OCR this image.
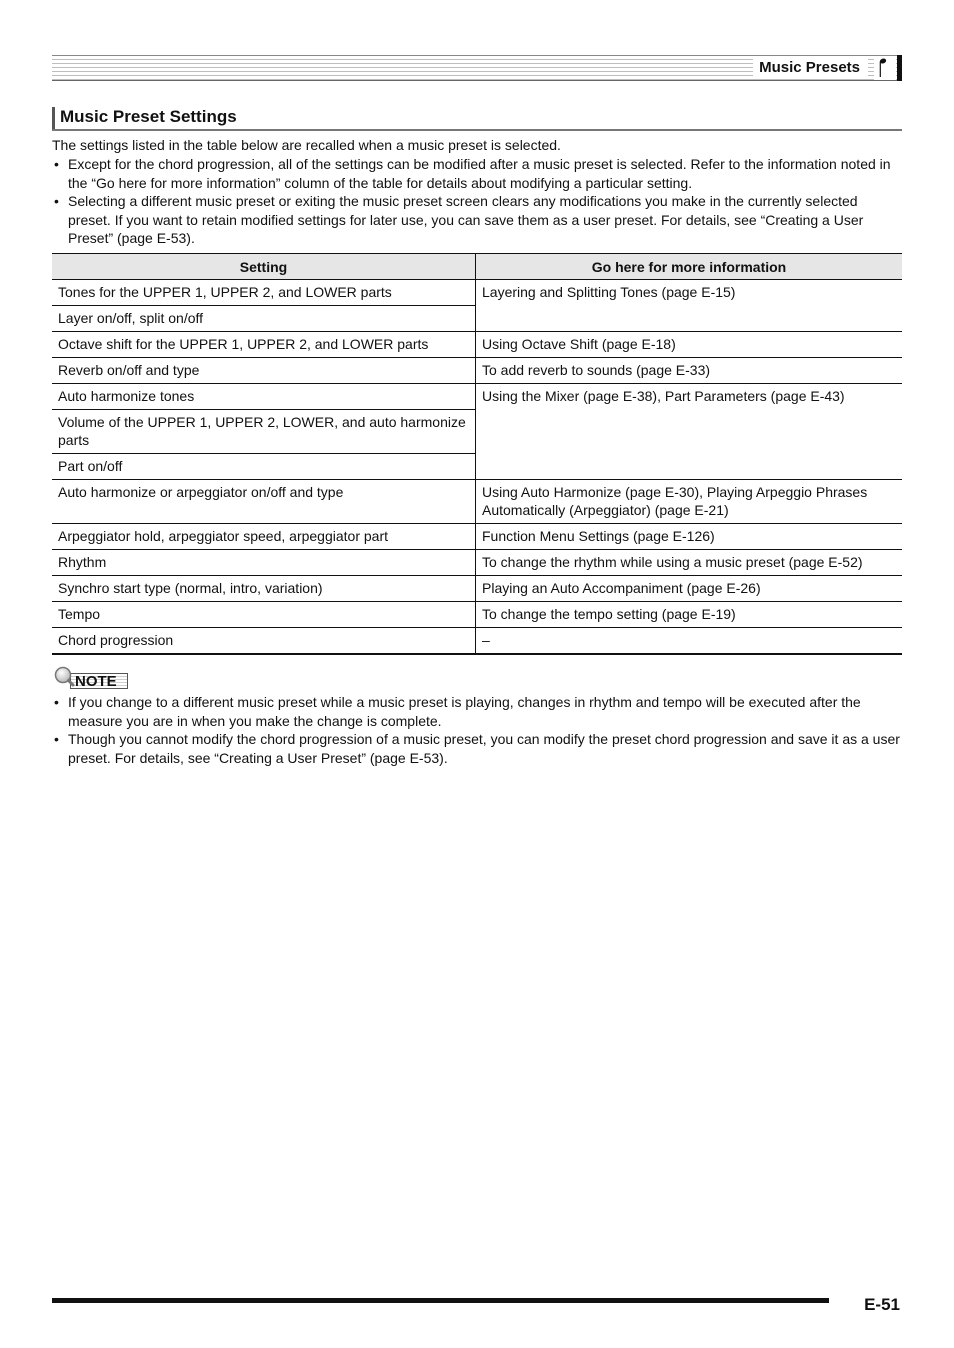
Music Presets
Music Preset Settings
The settings listed in the table below are recalled when a music preset is selected.
• Except for the chord progression, all of the settings can be modified after a music preset is selected. Refer to the information noted in the “Go here for more information” column of the table for details about modifying a particular setting.
• Selecting a different music preset or exiting the music preset screen clears any modifications you make in the currently selected preset. If you want to retain modified settings for later use, you can save them as a user preset. For details, see “Creating a User Preset” (page E-53).
Setting	Go here for more information
Tones for the UPPER 1, UPPER 2, and LOWER parts	Layering and Splitting Tones (page E-15)
Layer on/off, split on/off	
Octave shift for the UPPER 1, UPPER 2, and LOWER parts	Using Octave Shift (page E-18)
Reverb on/off and type	To add reverb to sounds (page E-33)
Auto harmonize tones	Using the Mixer (page E-38), Part Parameters (page E-43)
Volume of the UPPER 1, UPPER 2, LOWER, and auto harmonize parts	
Part on/off	
Auto harmonize or arpeggiator on/off and type	Using Auto Harmonize (page E-30), Playing Arpeggio Phrases Automatically (Arpeggiator) (page E-21)
Arpeggiator hold, arpeggiator speed, arpeggiator part	Function Menu Settings (page E-126)
Rhythm	To change the rhythm while using a music preset (page E-52)
Synchro start type (normal, intro, variation)	Playing an Auto Accompaniment (page E-26)
Tempo	To change the tempo setting (page E-19)
Chord progression	–
NOTE
• If you change to a different music preset while a music preset is playing, changes in rhythm and tempo will be executed after the measure you are in when you make the change is complete.
• Though you cannot modify the chord progression of a music preset, you can modify the preset chord progression and save it as a user preset. For details, see “Creating a User Preset” (page E-53).
E-51
